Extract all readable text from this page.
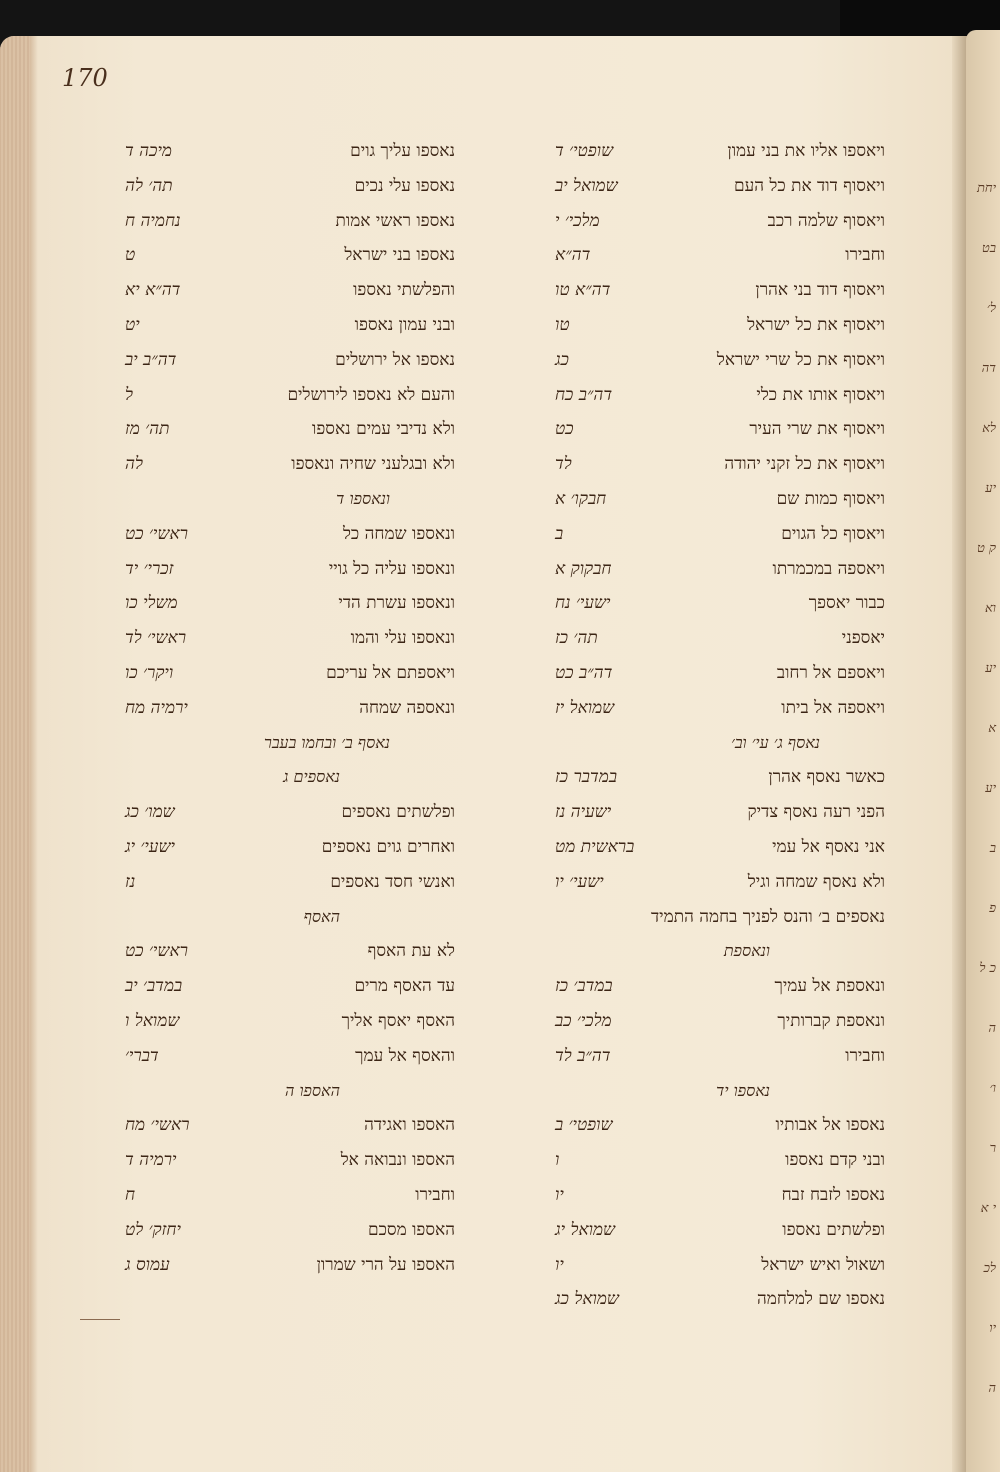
170
ויאספו אליו את בני עמון
שופטי׳ ד
ויאסוף דוד את כל העם
שמואל יב
ויאסוף שלמה רכב
מלכי׳ י
וחבירו
דה״א
ויאסוף דוד בני אהרן
דה״א טו
ויאסוף את כל ישראל
טו
ויאסוף את כל שרי ישראל
כג
ויאסוף אותו את כלי
דה״ב כח
ויאסוף את שרי העיר
כט
ויאסוף את כל זקני יהודה
לד
ויאסוף כמות שם
חבקו׳ א
ויאסוף כל הגוים
ב
ויאספה במכמרתו
חבקוק א
כבור יאספך
ישעי׳ נח
יאספני
תה׳ כז
ויאספם אל רחוב
דה״ב כט
ויאספה אל ביתו
שמואל יז
נאסף ג׳ עי׳ וב׳
כאשר נאסף אהרן
במדבר כז
הפני רעה נאסף צדיק
ישעיה נז
אני נאסף אל עמי
בראשית מט
ולא נאסף שמחה וגיל
ישעי׳ יו
נאספים ב׳ והנס לפניך בחמה התמיד
ונאספת
ונאספת אל עמיך
במדב׳ כז
ונאספת קברותיך
מלכי׳ כב
וחבירו
דה״ב לד
נאספו יד
נאספו אל אבותיו
שופטי׳ ב
ובני קדם נאספו
ו
נאספו לזבח זבח
יו
ופלשתים נאספו
שמואל יג
ושאול ואיש ישראל
יו
נאספו שם למלחמה
שמואל כג
נאספו עליך גוים
מיכה ד
נאספו עלי נכים
תה׳ לה
נאספו ראשי אמות
נחמיה ח
נאספו בני ישראל
ט
והפלשתי נאספו
דה״א יא
ובני עמון נאספו
יט
נאספו אל ירושלים
דה״ב יב
והעם לא נאספו לירושלים
ל
ולא נדיבי עמים נאספו
תה׳ מז
ולא ובגלעני שחיה ונאספו
לה
ונאספו ד
ונאספו שמחה כל
ראשי׳ כט
ונאספו עליה כל גויי
זכרי׳ יד
ונאספו עשרת הדי
משלי כו
ונאספו עלי והמו
ראשי׳ לד
ויאספתם אל עריכם
ויקר׳ כו
ונאספה שמחה
ירמיה מח
נאסף ב׳ ובחמו בעבר
נאספים ג
ופלשתים נאספים
שמו׳ כג
ואחרים גוים נאספים
ישעי׳ יג
ואנשי חסד נאספים
נז
האסף
לא עת האסף
ראשי׳ כט
עד האסף מרים
במדב׳ יב
האסף יאסף אליך
שמואל ו
והאסף אל עמך
דברי׳
האספו ה
האספו ואגידה
ראשי׳ מח
האספו ונבואה אל
ירמיה ד
וחבירו
ח
האספו מסכם
יחזק׳ לט
האספו על הרי שמרון
עמוס ג
יחת
בט
ל׳
דה
לא
יע
ק ט
וא
יע
א
יע
ב
פ
כ ל
ה
ו׳
ר
י א
לכ
יו
ה
